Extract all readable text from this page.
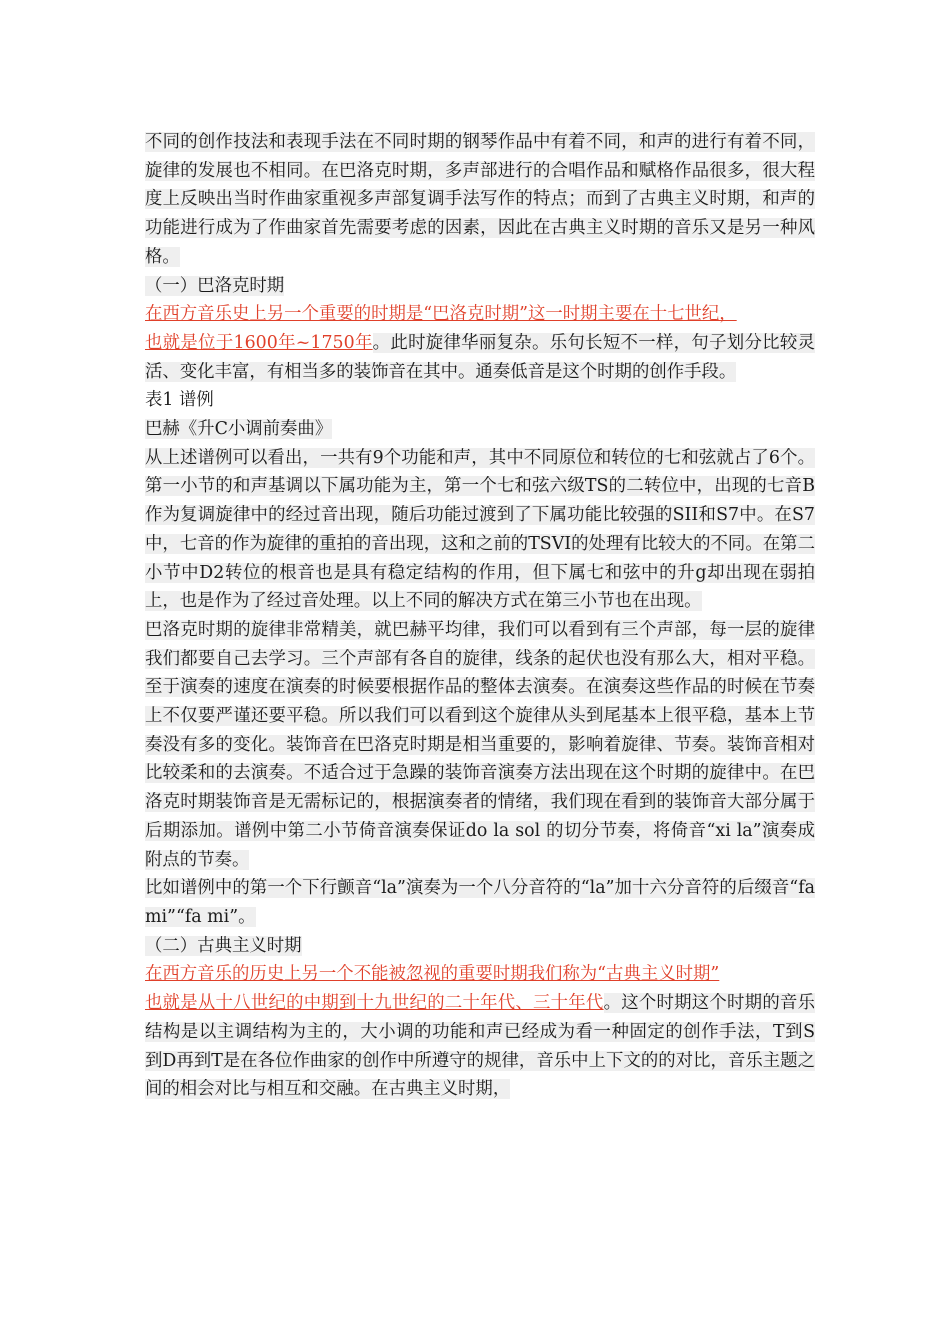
不同的创作技法和表现手法在不同时期的钢琴作品中有着不同，和声的进行有着不同，旋律的发展也不相同。在巴洛克时期，多声部进行的合唱作品和赋格作品很多，很大程度上反映出当时作曲家重视多声部复调手法写作的特点；而到了古典主义时期，和声的功能进行成为了作曲家首先需要考虑的因素，因此在古典主义时期的音乐又是另一种风格。

（一）巴洛克时期

在西方音乐史上另一个重要的时期是“巴洛克时期”这一时期主要在十七世纪，
也就是位于1600年~1750年。此时旋律华丽复杂。乐句长短不一样，句子划分比较灵活、变化丰富，有相当多的装饰音在其中。通奏低音是这个时期的创作手段。

表1 谱例

巴赫《升C小调前奏曲》

从上述谱例可以看出，一共有9个功能和声，其中不同原位和转位的七和弦就占了6个。第一小节的和声基调以下属功能为主，第一个七和弦六级TS的二转位中，出现的七音B作为复调旋律中的经过音出现，随后功能过渡到了下属功能比较强的SII和S7中。在S7中，七音的作为旋律的重拍的音出现，这和之前的TSVI的处理有比较大的不同。在第二小节中D2转位的根音也是具有稳定结构的作用，但下属七和弦中的升g却出现在弱拍上，也是作为了经过音处理。以上不同的解决方式在第三小节也在出现。

巴洛克时期的旋律非常精美，就巴赫平均律，我们可以看到有三个声部，每一层的旋律我们都要自己去学习。三个声部有各自的旋律，线条的起伏也没有那么大，相对平稳。至于演奏的速度在演奏的时候要根据作品的整体去演奏。在演奏这些作品的时候在节奏上不仅要严谨还要平稳。所以我们可以看到这个旋律从头到尾基本上很平稳，基本上节奏没有多的变化。装饰音在巴洛克时期是相当重要的，影响着旋律、节奏。装饰音相对比较柔和的去演奏。不适合过于急躁的装饰音演奏方法出现在这个时期的旋律中。在巴洛克时期装饰音是无需标记的，根据演奏者的情绪，我们现在看到的装饰音大部分属于后期添加。谱例中第二小节倚音演奏保证do la sol 的切分节奏，将倚音“xi la”演奏成附点的节奏。

比如谱例中的第一个下行颤音“la”演奏为一个八分音符的“la”加十六分音符的后缀音“fa mi”“fa mi”。

（二）古典主义时期

在西方音乐的历史上另一个不能被忽视的重要时期我们称为“古典主义时期”
也就是从十八世纪的中期到十九世纪的二十年代、三十年代。这个时期这个时期的音乐结构是以主调结构为主的，大小调的功能和声已经成为看一种固定的创作手法，T到S 到D再到T是在各位作曲家的创作中所遵守的规律，音乐中上下文的的对比，音乐主题之间的相会对比与相互和交融。在古典主义时期，
